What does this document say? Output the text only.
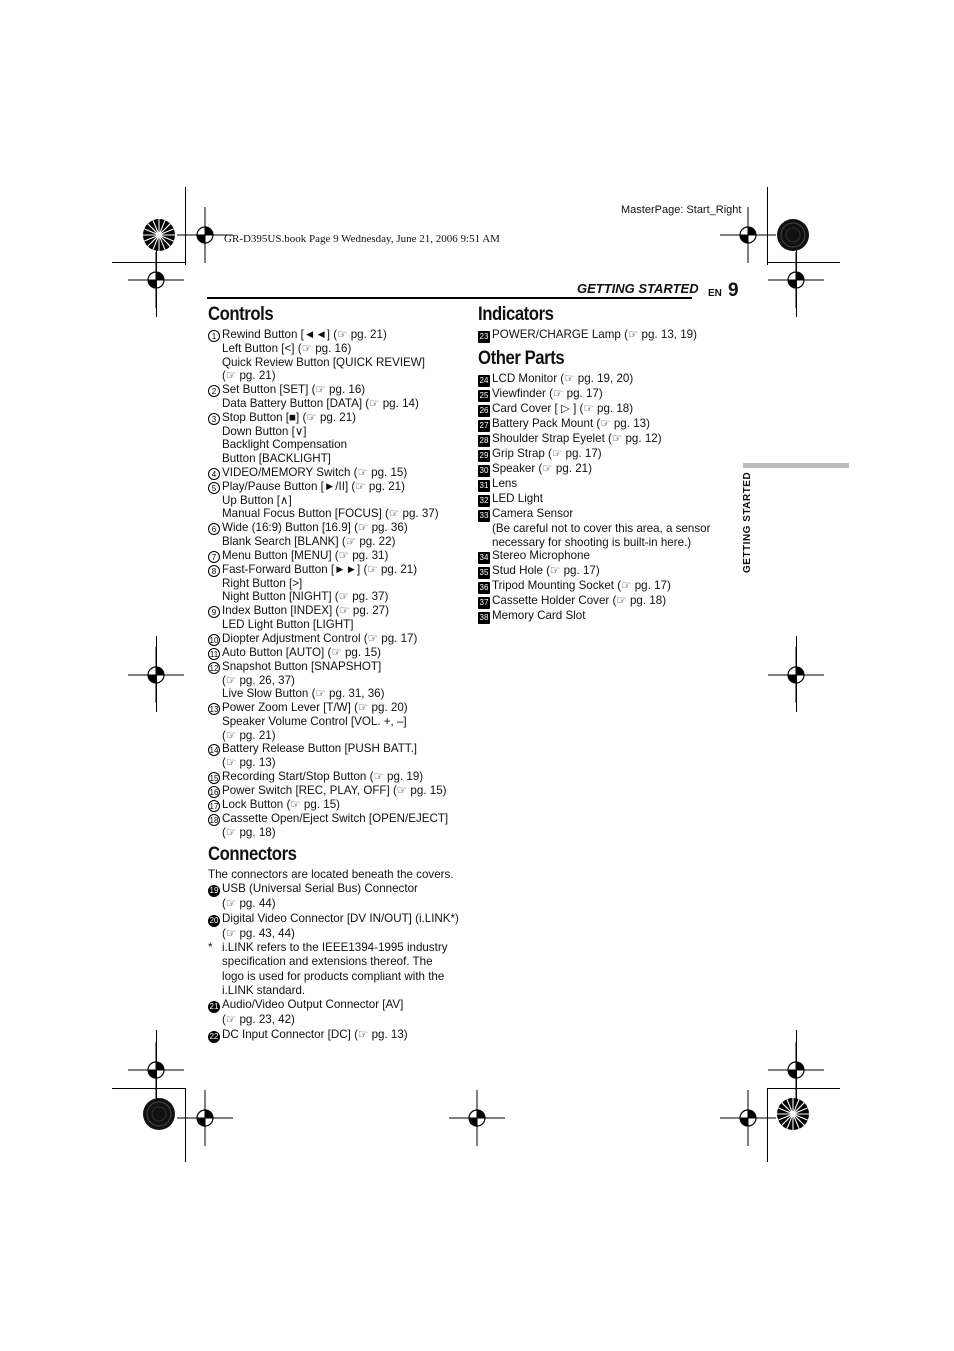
MasterPage: Start_Right
GR-D395US.book Page 9 Wednesday, June 21, 2006 9:51 AM
GETTING STARTED EN 9
GETTING STARTED
Controls
1 Rewind Button [◄◄] (☞ pg. 21)
Left Button [<] (☞ pg. 16)
Quick Review Button [QUICK REVIEW]
(☞ pg. 21)
2 Set Button [SET] (☞ pg. 16)
Data Battery Button [DATA] (☞ pg. 14)
3 Stop Button [■] (☞ pg. 21)
Down Button [∨]
Backlight Compensation
Button [BACKLIGHT]
4 VIDEO/MEMORY Switch (☞ pg. 15)
5 Play/Pause Button [►/II] (☞ pg. 21)
Up Button [∧]
Manual Focus Button [FOCUS] (☞ pg. 37)
6 Wide (16:9) Button [16.9] (☞ pg. 36)
Blank Search [BLANK] (☞ pg. 22)
7 Menu Button [MENU] (☞ pg. 31)
8 Fast-Forward Button [►►] (☞ pg. 21)
Right Button [>]
Night Button [NIGHT] (☞ pg. 37)
9 Index Button [INDEX] (☞ pg. 27)
LED Light Button [LIGHT]
10 Diopter Adjustment Control (☞ pg. 17)
11 Auto Button [AUTO] (☞ pg. 15)
12 Snapshot Button [SNAPSHOT]
(☞ pg. 26, 37)
Live Slow Button (☞ pg. 31, 36)
13 Power Zoom Lever [T/W] (☞ pg. 20)
Speaker Volume Control [VOL. +, –]
(☞ pg. 21)
14 Battery Release Button [PUSH BATT.]
(☞ pg. 13)
15 Recording Start/Stop Button (☞ pg. 19)
16 Power Switch [REC, PLAY, OFF] (☞ pg. 15)
17 Lock Button (☞ pg. 15)
18 Cassette Open/Eject Switch [OPEN/EJECT]
(☞ pg. 18)
Connectors
The connectors are located beneath the covers.
19 USB (Universal Serial Bus) Connector
(☞ pg. 44)
20 Digital Video Connector [DV IN/OUT] (i.LINK*)
(☞ pg. 43, 44)
* i.LINK refers to the IEEE1394-1995 industry
specification and extensions thereof. The
logo is used for products compliant with the
i.LINK standard.
21 Audio/Video Output Connector [AV]
(☞ pg. 23, 42)
22 DC Input Connector [DC] (☞ pg. 13)
Indicators
23 POWER/CHARGE Lamp (☞ pg. 13, 19)
Other Parts
24 LCD Monitor (☞ pg. 19, 20)
25 Viewfinder (☞ pg. 17)
26 Card Cover [ ▷ ] (☞ pg. 18)
27 Battery Pack Mount (☞ pg. 13)
28 Shoulder Strap Eyelet (☞ pg. 12)
29 Grip Strap (☞ pg. 17)
30 Speaker (☞ pg. 21)
31 Lens
32 LED Light
33 Camera Sensor
(Be careful not to cover this area, a sensor
necessary for shooting is built-in here.)
34 Stereo Microphone
35 Stud Hole (☞ pg. 17)
36 Tripod Mounting Socket (☞ pg. 17)
37 Cassette Holder Cover (☞ pg. 18)
38 Memory Card Slot
